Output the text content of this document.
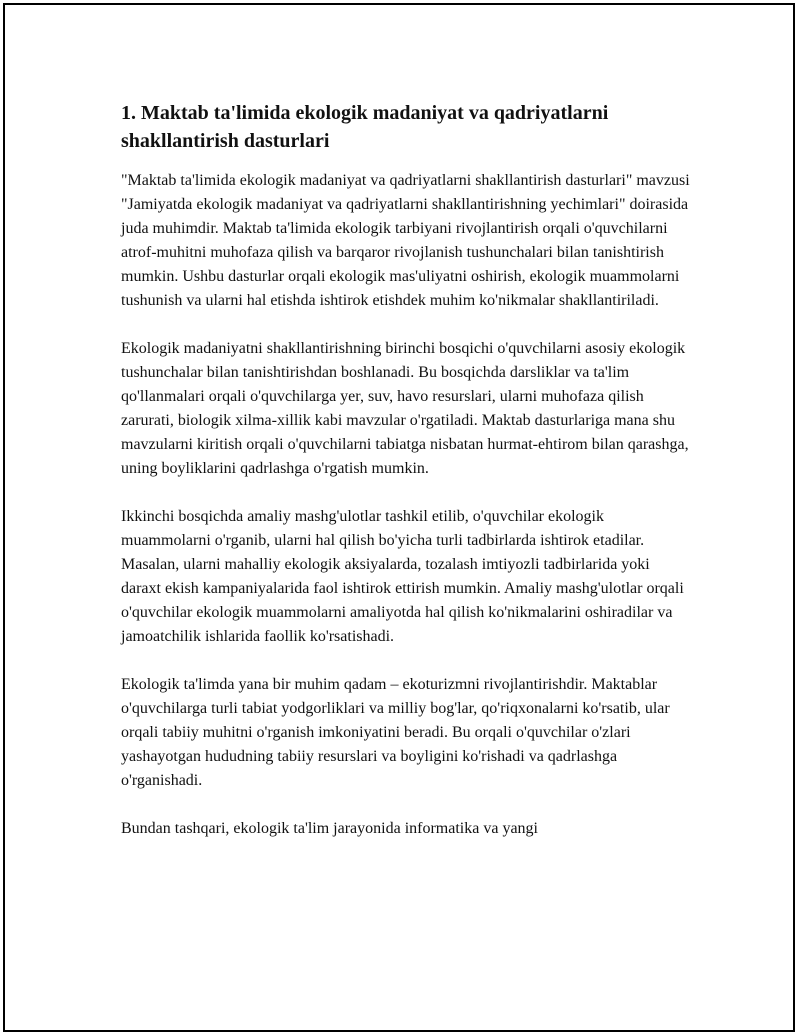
1. Maktab ta'limida ekologik madaniyat va qadriyatlarni shakllantirish dasturlari

"Maktab ta'limida ekologik madaniyat va qadriyatlarni shakllantirish dasturlari" mavzusi "Jamiyatda ekologik madaniyat va qadriyatlarni shakllantirishning yechimlari" doirasida juda muhimdir. Maktab ta'limida ekologik tarbiyani rivojlantirish orqali o'quvchilarni atrof-muhitni muhofaza qilish va barqaror rivojlanish tushunchalari bilan tanishtirish mumkin. Ushbu dasturlar orqali ekologik mas'uliyatni oshirish, ekologik muammolarni tushunish va ularni hal etishda ishtirok etishdek muhim ko'nikmalar shakllantiriladi.

Ekologik madaniyatni shakllantirishning birinchi bosqichi o'quvchilarni asosiy ekologik tushunchalar bilan tanishtirishdan boshlanadi. Bu bosqichda darsliklar va ta'lim qo'llanmalari orqali o'quvchilarga yer, suv, havo resurslari, ularni muhofaza qilish zarurati, biologik xilma-xillik kabi mavzular o'rgatiladi. Maktab dasturlariga mana shu mavzularni kiritish orqali o'quvchilarni tabiatga nisbatan hurmat-ehtirom bilan qarashga, uning boyliklarini qadrlashga o'rgatish mumkin.

Ikkinchi bosqichda amaliy mashg'ulotlar tashkil etilib, o'quvchilar ekologik muammolarni o'rganib, ularni hal qilish bo'yicha turli tadbirlarda ishtirok etadilar. Masalan, ularni mahalliy ekologik aksiyalarda, tozalash imtiyozli tadbirlarida yoki daraxt ekish kampaniyalarida faol ishtirok ettirish mumkin. Amaliy mashg'ulotlar orqali o'quvchilar ekologik muammolarni amaliyotda hal qilish ko'nikmalarini oshiradilar va jamoatchilik ishlarida faollik ko'rsatishadi.

Ekologik ta'limda yana bir muhim qadam – ekoturizmni rivojlantirishdir. Maktablar o'quvchilarga turli tabiat yodgorliklari va milliy bog'lar, qo'riqxonalarni ko'rsatib, ular orqali tabiiy muhitni o'rganish imkoniyatini beradi. Bu orqali o'quvchilar o'zlari yashayotgan hududning tabiiy resurslari va boyligini ko'rishadi va qadrlashga o'rganishadi.

Bundan tashqari, ekologik ta'lim jarayonida informatika va yangi
